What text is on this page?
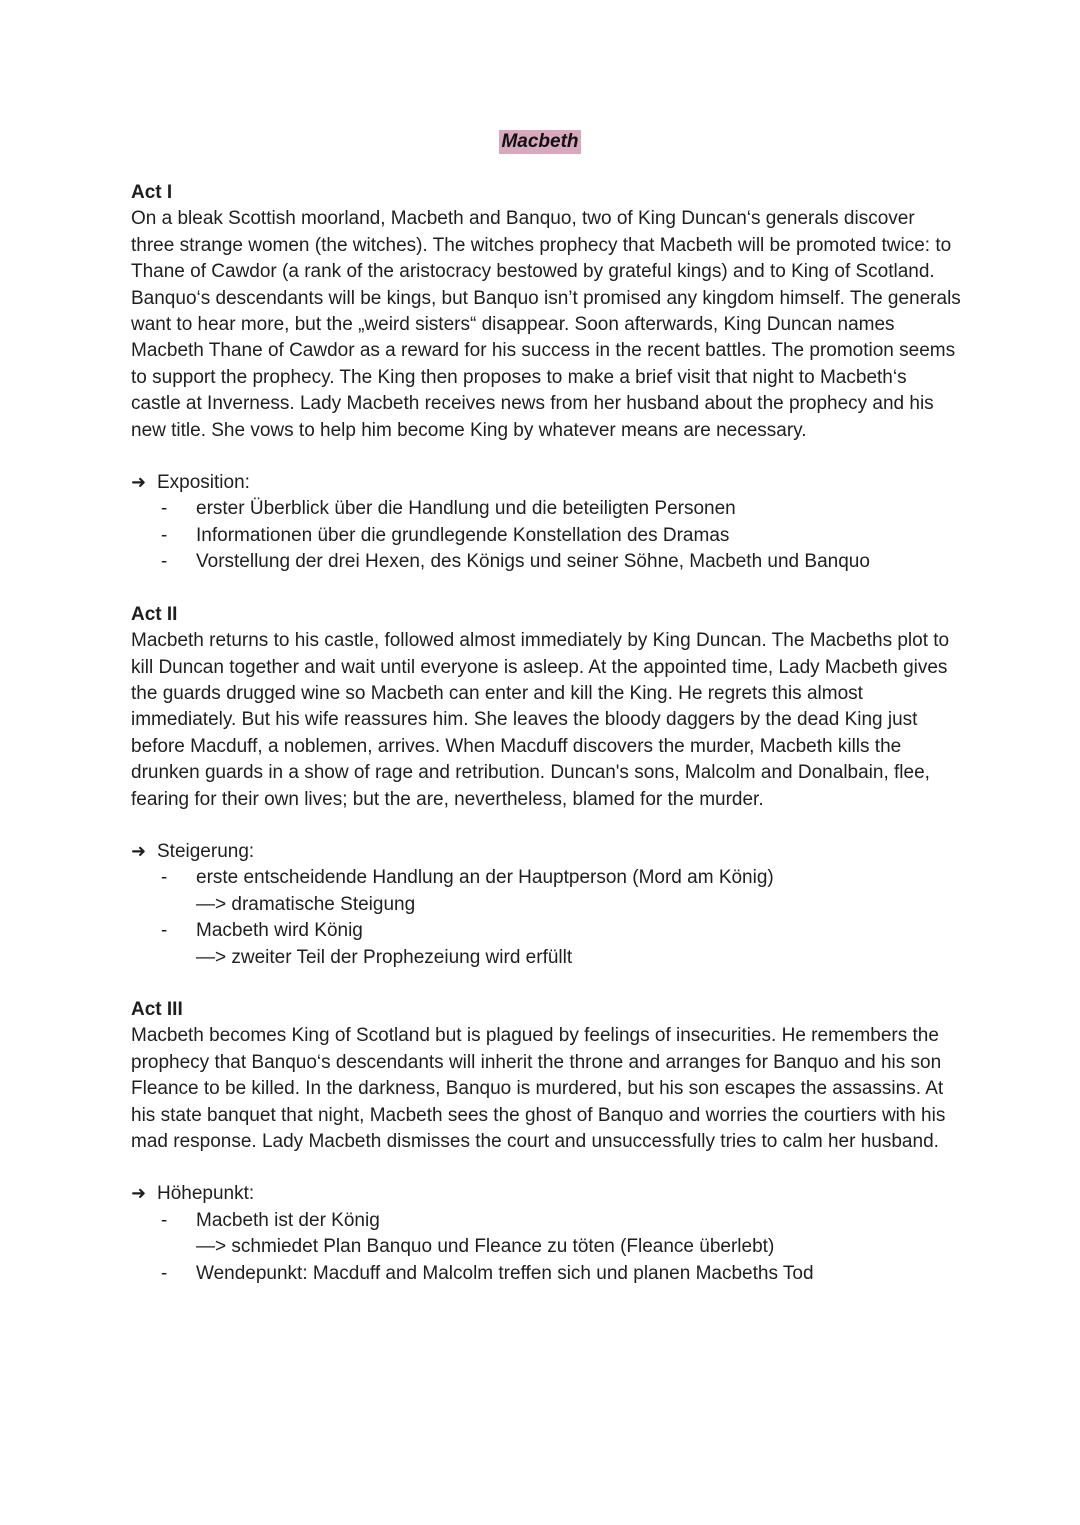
Macbeth

Act I

On a bleak Scottish moorland, Macbeth and Banquo, two of King Duncan‘s generals discover three strange women (the witches). The witches prophecy that Macbeth will be promoted twice: to Thane of Cawdor (a rank of the aristocracy bestowed by grateful kings) and to King of Scotland. Banquo‘s descendants will be kings, but Banquo isn’t promised any kingdom himself. The generals want to hear more, but the „weird sisters“ disappear. Soon afterwards, King Duncan names Macbeth Thane of Cawdor as a reward for his success in the recent battles. The promotion seems to support the prophecy. The King then proposes to make a brief visit that night to Macbeth‘s castle at Inverness. Lady Macbeth receives news from her husband about the prophecy and his new title. She vows to help him become King by whatever means are necessary.

➜ Exposition:

- erster Überblick über die Handlung und die beteiligten Personen
- Informationen über die grundlegende Konstellation des Dramas
- Vorstellung der drei Hexen, des Königs und seiner Söhne, Macbeth und Banquo

Act II

Macbeth returns to his castle, followed almost immediately by King Duncan. The Macbeths plot to kill Duncan together and wait until everyone is asleep. At the appointed time, Lady Macbeth gives the guards drugged wine so Macbeth can enter and kill the King. He regrets this almost immediately. But his wife reassures him. She leaves the bloody daggers by the dead King just before Macduff, a noblemen, arrives. When Macduff discovers the murder, Macbeth kills the drunken guards in a show of rage and retribution. Duncan's sons, Malcolm and Donalbain, flee, fearing for their own lives; but the are, nevertheless, blamed for the murder.

➜ Steigerung:

- erste entscheidende Handlung an der Hauptperson (Mord am König)
—> dramatische Steigung
- Macbeth wird König
—> zweiter Teil der Prophezeiung wird erfüllt

Act III

Macbeth becomes King of Scotland but is plagued by feelings of insecurities. He remembers the prophecy that Banquo‘s descendants will inherit the throne and arranges for Banquo and his son Fleance to be killed. In the darkness, Banquo is murdered, but his son escapes the assassins. At his state banquet that night, Macbeth sees the ghost of Banquo and worries the courtiers with his mad response. Lady Macbeth dismisses the court and unsuccessfully tries to calm her husband.

➜ Höhepunkt:

- Macbeth ist der König
—> schmiedet Plan Banquo und Fleance zu töten (Fleance überlebt)
- Wendepunkt: Macduff and Malcolm treffen sich und planen Macbeths Tod
